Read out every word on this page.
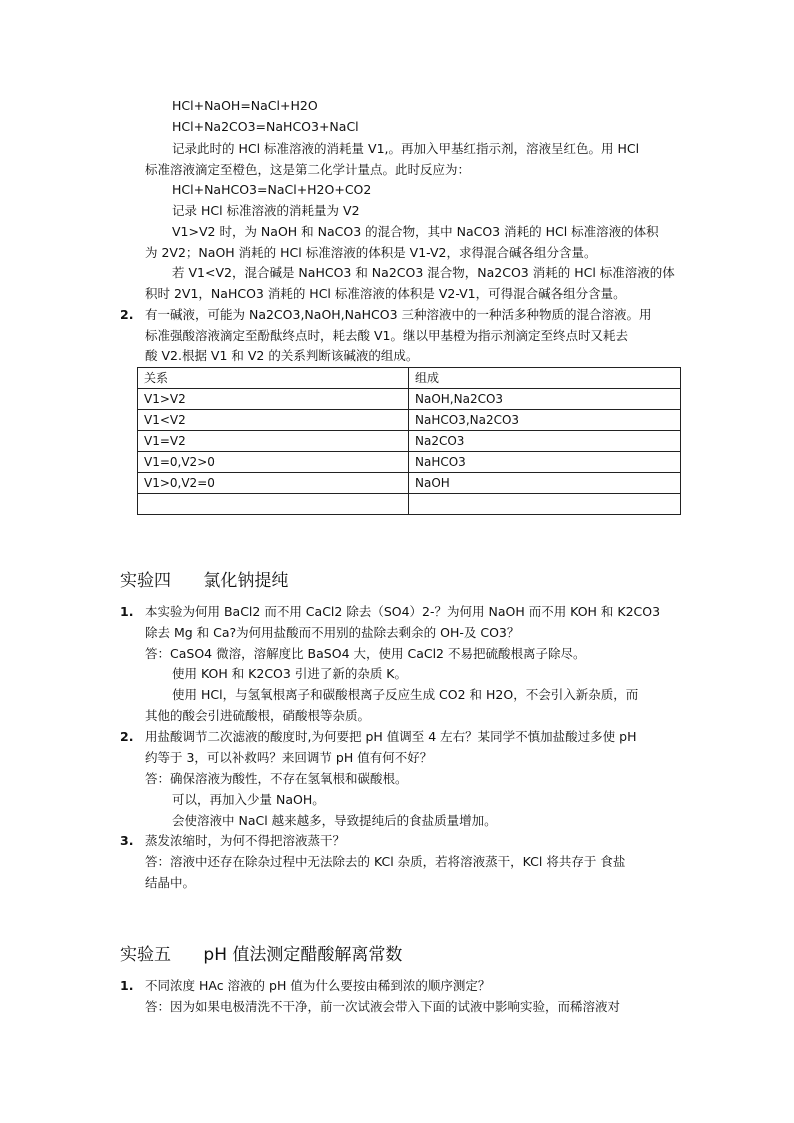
HCl+NaOH=NaCl+H2O
HCl+Na2CO3=NaHCO3+NaCl
记录此时的 HCl 标准溶液的消耗量 V1,。再加入甲基红指示剂，溶液呈红色。用 HCl
标准溶液滴定至橙色，这是第二化学计量点。此时反应为：
HCl+NaHCO3=NaCl+H2O+CO2
记录 HCl 标准溶液的消耗量为 V2
V1>V2 时，为 NaOH 和 NaCO3 的混合物，其中 NaCO3 消耗的 HCl 标准溶液的体积
为 2V2；NaOH 消耗的 HCl 标准溶液的体积是 V1-V2，求得混合碱各组分含量。
若 V1<V2，混合碱是 NaHCO3 和 Na2CO3 混合物，Na2CO3 消耗的 HCl 标准溶液的体
积时 2V1，NaHCO3 消耗的 HCl 标准溶液的体积是 V2-V1，可得混合碱各组分含量。
2. 有一碱液，可能为 Na2CO3,NaOH,NaHCO3 三种溶液中的一种活多种物质的混合溶液。用
标准强酸溶液滴定至酚酞终点时，耗去酸 V1。继以甲基橙为指示剂滴定至终点时又耗去
酸 V2.根据 V1 和 V2 的关系判断该碱液的组成。
关系	组成
V1>V2	NaOH,Na2CO3
V1<V2	NaHCO3,Na2CO3
V1=V2	Na2CO3
V1=0,V2>0	NaHCO3
V1>0,V2=0	NaOH

实验四      氯化钠提纯
1. 本实验为何用 BaCl2 而不用 CaCl2 除去（SO4）2-？为何用 NaOH 而不用 KOH 和 K2CO3
除去 Mg 和 Ca?为何用盐酸而不用别的盐除去剩余的 OH-及 CO3？
答：CaSO4 微溶，溶解度比 BaSO4 大，使用 CaCl2 不易把硫酸根离子除尽。
使用 KOH 和 K2CO3 引进了新的杂质 K。
使用 HCl，与氢氧根离子和碳酸根离子反应生成 CO2 和 H2O，不会引入新杂质，而
其他的酸会引进硫酸根，硝酸根等杂质。
2. 用盐酸调节二次滤液的酸度时,为何要把 pH 值调至 4 左右？某同学不慎加盐酸过多使 pH
约等于 3，可以补救吗？来回调节 pH 值有何不好？
答：确保溶液为酸性，不存在氢氧根和碳酸根。
可以，再加入少量 NaOH。
会使溶液中 NaCl 越来越多，导致提纯后的食盐质量增加。
3. 蒸发浓缩时，为何不得把溶液蒸干？
答：溶液中还存在除杂过程中无法除去的 KCl 杂质，若将溶液蒸干，KCl 将共存于 食盐
结晶中。
实验五      pH 值法测定醋酸解离常数
1. 不同浓度 HAc 溶液的 pH 值为什么要按由稀到浓的顺序测定？
答：因为如果电极清洗不干净，前一次试液会带入下面的试液中影响实验，而稀溶液对
